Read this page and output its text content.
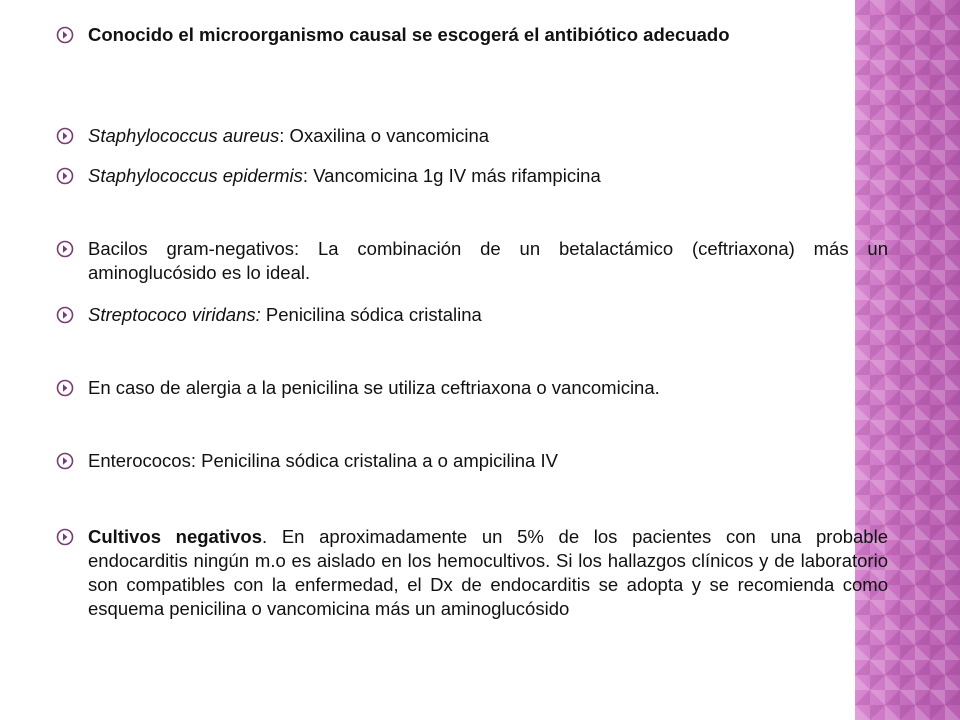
Conocido el microorganismo causal se escogerá el antibiótico adecuado
Staphylococcus aureus: Oxaxilina o vancomicina
Staphylococcus epidermis: Vancomicina 1g IV más rifampicina
Bacilos gram-negativos: La combinación de un betalactámico (ceftriaxona) más un aminoglucósido es lo ideal.
Streptococo viridans: Penicilina sódica cristalina
En caso de alergia a la penicilina se utiliza ceftriaxona o vancomicina.
Enterococos: Penicilina sódica cristalina a o ampicilina IV
Cultivos negativos. En aproximadamente un 5% de los pacientes con una probable endocarditis ningún m.o es aislado en los hemocultivos. Si los hallazgos clínicos y de laboratorio son compatibles con la enfermedad, el Dx de endocarditis se adopta y se recomienda como esquema penicilina o vancomicina más un aminoglucósido
